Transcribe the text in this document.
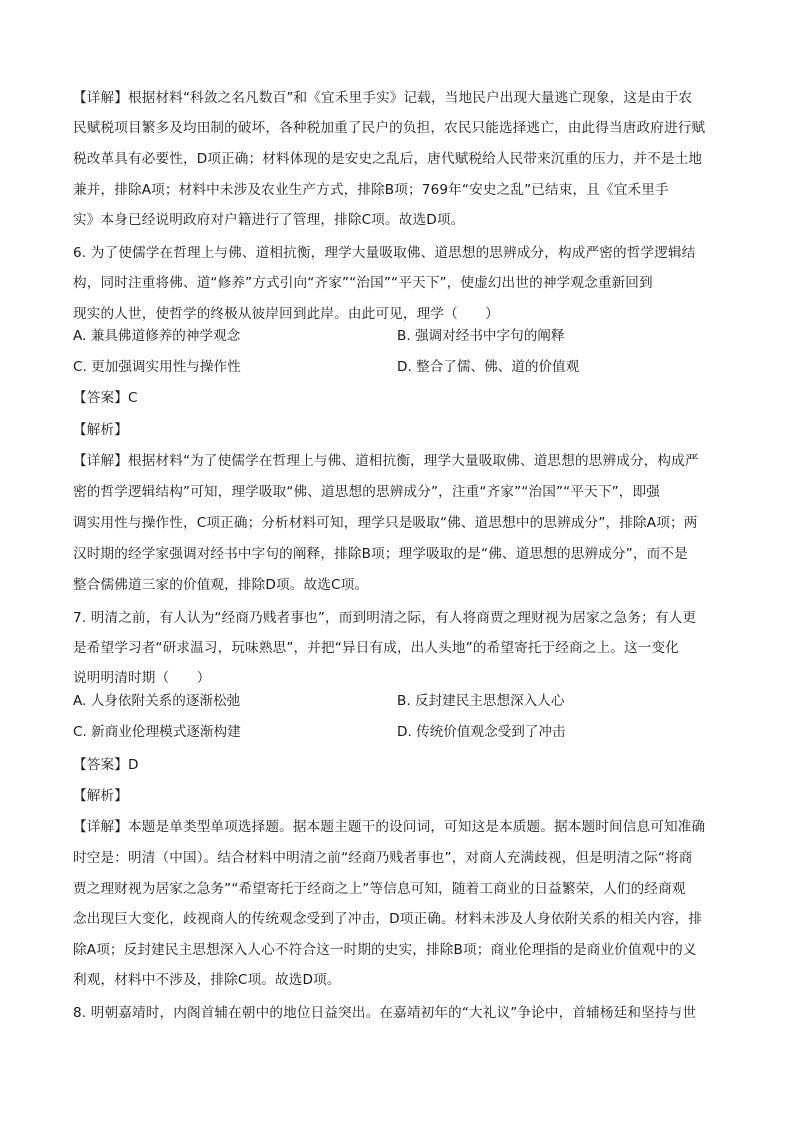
【详解】根据材料“科敛之名凡数百”和《宜禾里手实》记载，当地民户出现大量逃亡现象，这是由于农
民赋税项目繁多及均田制的破坏，各种税加重了民户的负担，农民只能选择逃亡，由此得当唐政府进行赋
税改革具有必要性，D项正确；材料体现的是安史之乱后，唐代赋税给人民带来沉重的压力，并不是土地
兼并，排除A项；材料中未涉及农业生产方式，排除B项；769年“安史之乱”已结束，且《宜禾里手
实》本身已经说明政府对户籍进行了管理，排除C项。故选D项。
6. 为了使儒学在哲理上与佛、道相抗衡，理学大量吸取佛、道思想的思辨成分，构成严密的哲学逻辑结
构，同时注重将佛、道“修养”方式引向“齐家”“治国”“平天下”，使虚幻出世的神学观念重新回到
现实的人世，使哲学的终极从彼岸回到此岸。由此可见，理学（　　）
A. 兼具佛道修养的神学观念	B. 强调对经书中字句的阐释
C. 更加强调实用性与操作性	D. 整合了儒、佛、道的价值观
【答案】C
【解析】
【详解】根据材料“为了使儒学在哲理上与佛、道相抗衡，理学大量吸取佛、道思想的思辨成分，构成严
密的哲学逻辑结构”可知，理学吸取“佛、道思想的思辨成分”，注重“齐家”“治国”“平天下”，即强
调实用性与操作性，C项正确；分析材料可知，理学只是吸取“佛、道思想中的思辨成分”，排除A项；两
汉时期的经学家强调对经书中字句的阐释，排除B项；理学吸取的是“佛、道思想的思辨成分”，而不是
整合儒佛道三家的价值观，排除D项。故选C项。
7. 明清之前，有人认为“经商乃贱者事也”，而到明清之际，有人将商贾之理财视为居家之急务；有人更
是希望学习者“研求温习，玩味熟思”，并把“异日有成，出人头地”的希望寄托于经商之上。这一变化
说明明清时期（　　）
A. 人身依附关系的逐渐松弛	B. 反封建民主思想深入人心
C. 新商业伦理模式逐渐构建	D. 传统价值观念受到了冲击
【答案】D
【解析】
【详解】本题是单类型单项选择题。据本题主题干的设问词，可知这是本质题。据本题时间信息可知准确
时空是：明清（中国）。结合材料中明清之前“经商乃贱者事也”，对商人充满歧视，但是明清之际“将商
贾之理财视为居家之急务”“希望寄托于经商之上”等信息可知，随着工商业的日益繁荣，人们的经商观
念出现巨大变化，歧视商人的传统观念受到了冲击，D项正确。材料未涉及人身依附关系的相关内容，排
除A项；反封建民主思想深入人心不符合这一时期的史实，排除B项；商业伦理指的是商业价值观中的义
利观，材料中不涉及，排除C项。故选D项。
8. 明朝嘉靖时，内阁首辅在朝中的地位日益突出。在嘉靖初年的“大礼议”争论中，首辅杨廷和坚持与世
